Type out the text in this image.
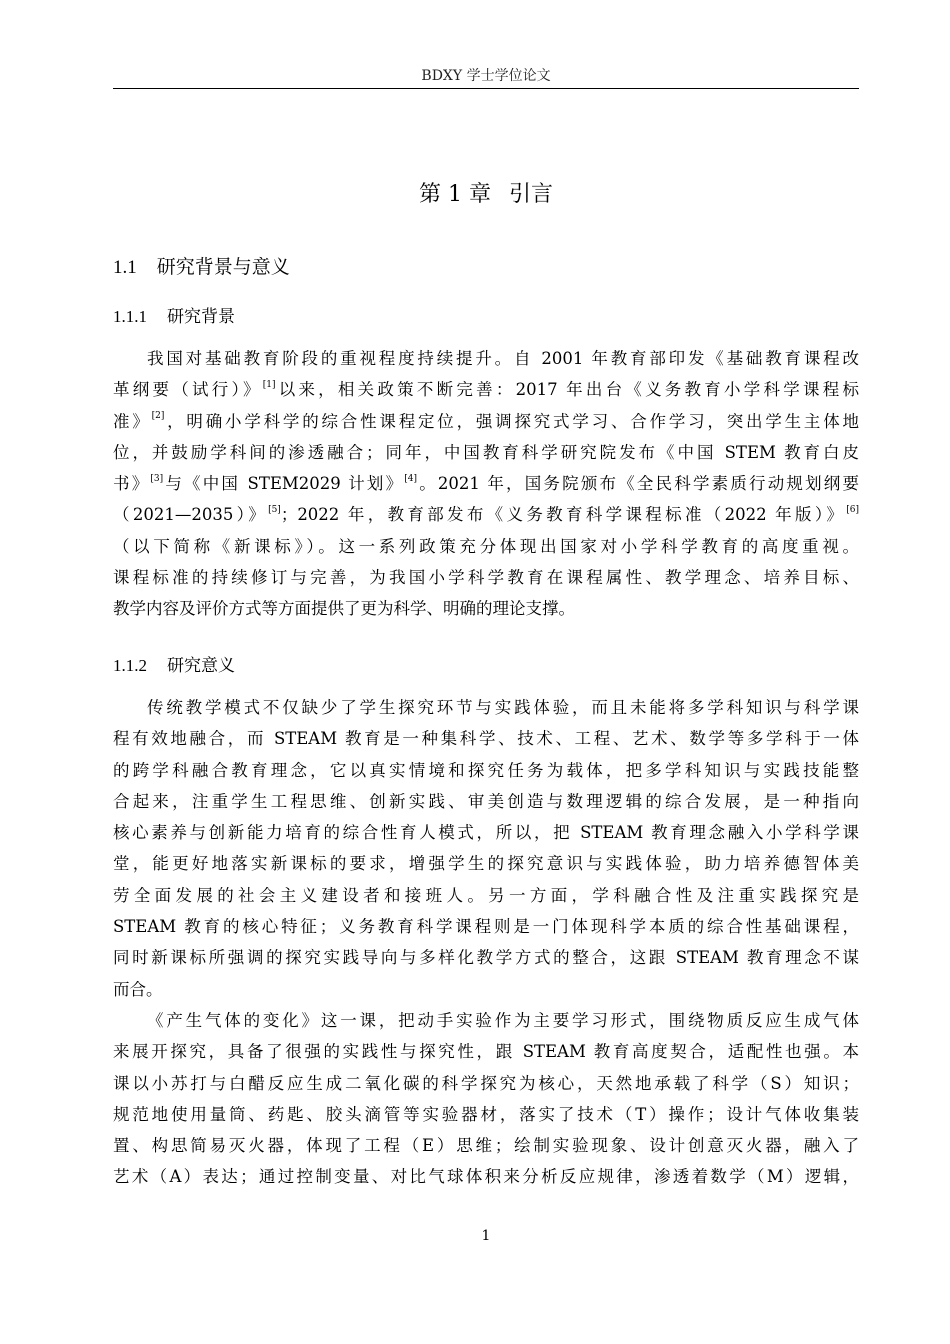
BDXY 学士学位论文
第 1 章 引言
1.1 研究背景与意义
1.1.1 研究背景
我国对基础教育阶段的重视程度持续提升。自 2001 年教育部印发《基础教育课程改
革纲要（试行）》[1]以来，相关政策不断完善：2017 年出台《义务教育小学科学课程标
准》[2]，明确小学科学的综合性课程定位，强调探究式学习、合作学习，突出学生主体地
位，并鼓励学科间的渗透融合；同年，中国教育科学研究院发布《中国 STEM 教育白皮
书》[3]与《中国 STEM2029 计划》[4]。2021 年，国务院颁布《全民科学素质行动规划纲要
（2021—2035）》[5]；2022 年，教育部发布《义务教育科学课程标准（2022 年版）》[6]
（以下简称《新课标》）。这一系列政策充分体现出国家对小学科学教育的高度重视。
课程标准的持续修订与完善，为我国小学科学教育在课程属性、教学理念、培养目标、
教学内容及评价方式等方面提供了更为科学、明确的理论支撑。
1.1.2 研究意义
传统教学模式不仅缺少了学生探究环节与实践体验，而且未能将多学科知识与科学课
程有效地融合，而 STEAM 教育是一种集科学、技术、工程、艺术、数学等多学科于一体
的跨学科融合教育理念，它以真实情境和探究任务为载体，把多学科知识与实践技能整
合起来，注重学生工程思维、创新实践、审美创造与数理逻辑的综合发展，是一种指向
核心素养与创新能力培育的综合性育人模式，所以，把 STEAM 教育理念融入小学科学课
堂，能更好地落实新课标的要求，增强学生的探究意识与实践体验，助力培养德智体美
劳全面发展的社会主义建设者和接班人。另一方面，学科融合性及注重实践探究是
STEAM 教育的核心特征；义务教育科学课程则是一门体现科学本质的综合性基础课程，
同时新课标所强调的探究实践导向与多样化教学方式的整合，这跟 STEAM 教育理念不谋
而合。
《产生气体的变化》这一课，把动手实验作为主要学习形式，围绕物质反应生成气体
来展开探究，具备了很强的实践性与探究性，跟 STEAM 教育高度契合，适配性也强。本
课以小苏打与白醋反应生成二氧化碳的科学探究为核心，天然地承载了科学（S）知识；
规范地使用量筒、药匙、胶头滴管等实验器材，落实了技术（T）操作；设计气体收集装
置、构思简易灭火器，体现了工程（E）思维；绘制实验现象、设计创意灭火器，融入了
艺术（A）表达；通过控制变量、对比气球体积来分析反应规律，渗透着数学（M）逻辑，
1
